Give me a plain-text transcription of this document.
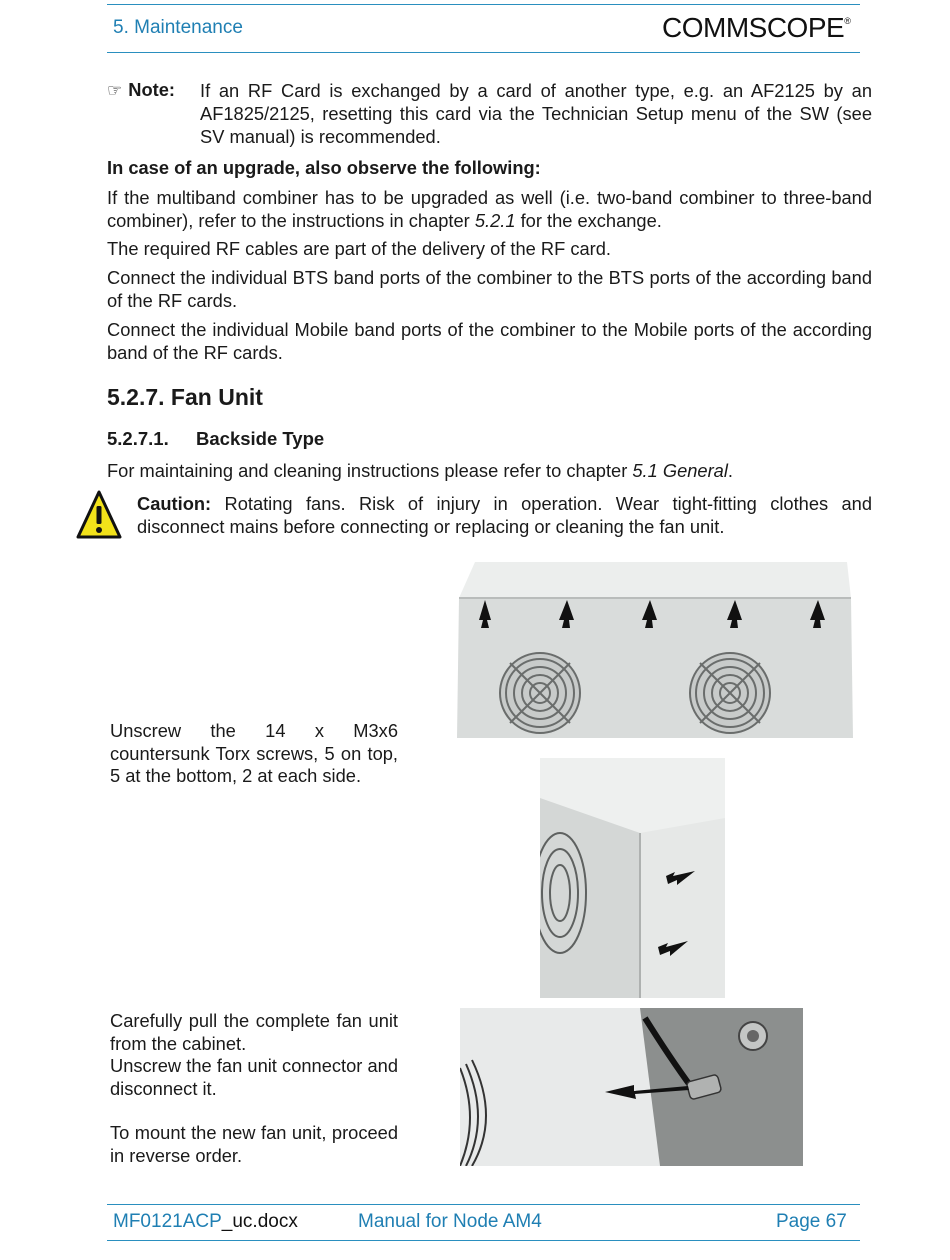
5. Maintenance	COMMSCOPE®
☞ Note: If an RF Card is exchanged by a card of another type, e.g. an AF2125 by an AF1825/2125, resetting this card via the Technician Setup menu of the SW (see SV manual) is recommended.
In case of an upgrade, also observe the following:
If the multiband combiner has to be upgraded as well (i.e. two-band combiner to three-band combiner), refer to the instructions in chapter 5.2.1 for the exchange.
The required RF cables are part of the delivery of the RF card.
Connect the individual BTS band ports of the combiner to the BTS ports of the according band of the RF cards.
Connect the individual Mobile band ports of the combiner to the Mobile ports of the according band of the RF cards.
5.2.7. Fan Unit
5.2.7.1. Backside Type
For maintaining and cleaning instructions please refer to chapter 5.1 General.
Caution: Rotating fans. Risk of injury in operation. Wear tight-fitting clothes and disconnect mains before connecting or replacing or cleaning the fan unit.
Unscrew the 14 x M3x6 countersunk Torx screws, 5 on top, 5 at the bottom, 2 at each side.
Carefully pull the complete fan unit from the cabinet.
Unscrew the fan unit connector and disconnect it.
To mount the new fan unit, proceed in reverse order.
MF0121ACP_uc.docx	Manual for Node AM4	Page 67
